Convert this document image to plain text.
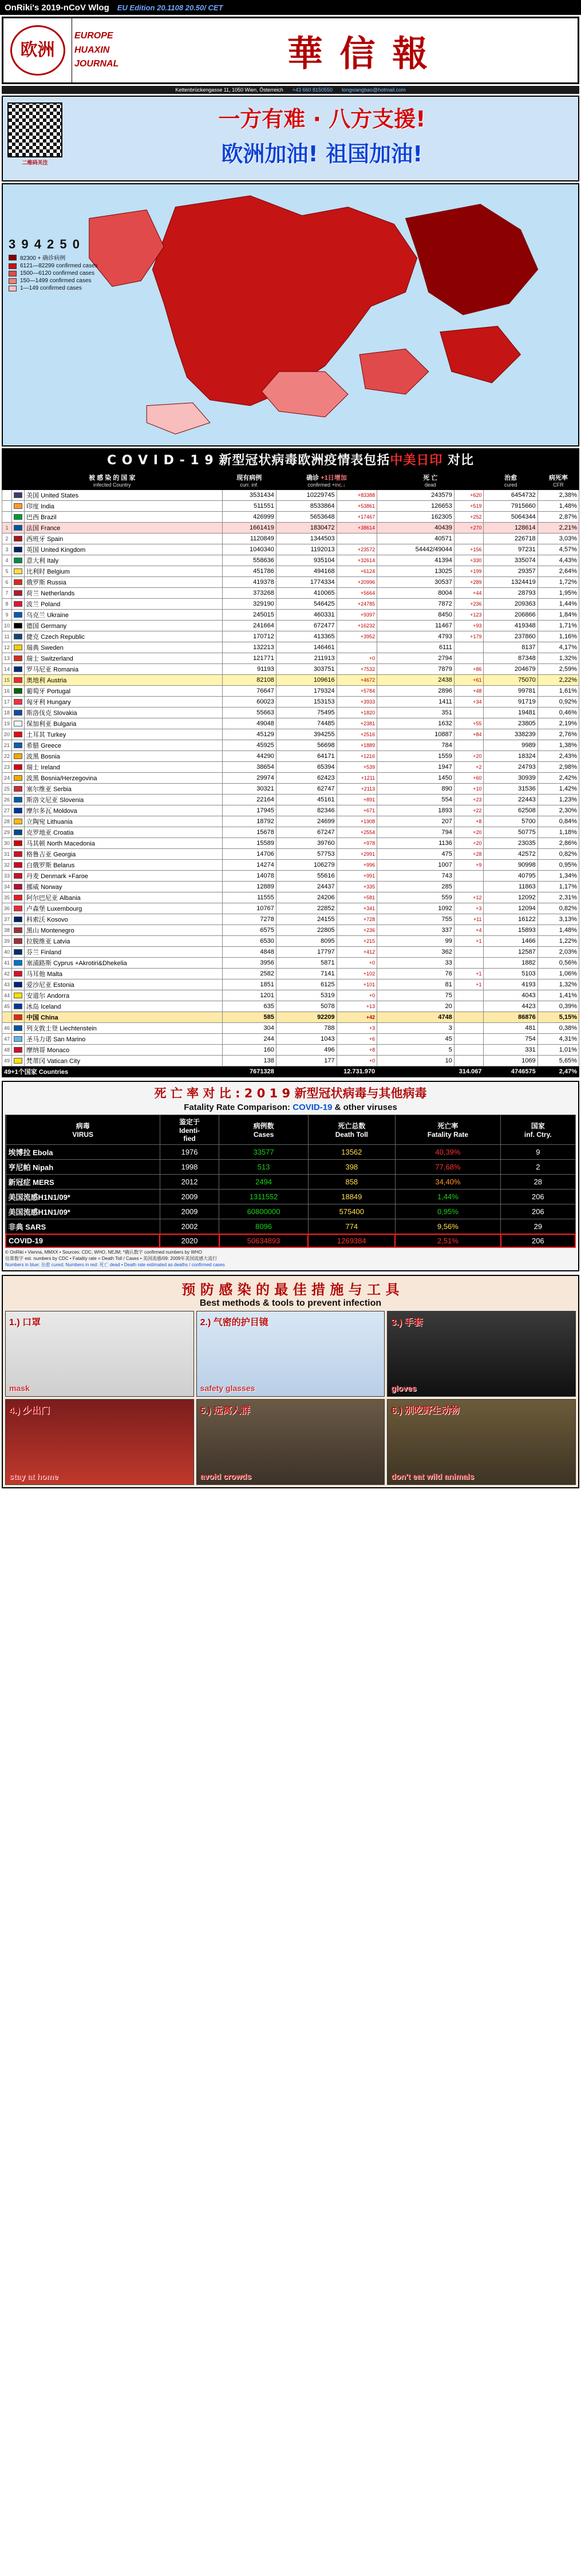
OnRiki's 2019-nCoV Wlog EU Edition 20.1108 20.50/ CET
欧洲
EUROPE
HUAXIN
JOURNAL	華 信 報
Kettenbrückengasse 11, 1050 Wien, Österreich +43 660 8150550 tongxiangbao@hotmail.com
二维码关注
一方有难 · 八方支援!
欧洲加油! 祖国加油!
3 9 4 2 5 0
82300 + 确诊病例
6121—82299 confirmed cases
1500—6120 confirmed cases
150—1499 confirmed cases
1—149 confirmed cases
C O V I D - 1 9 新型冠状病毒欧洲疫情表包括中美日印 对比
被 感 染 的 国 家
infected Country			现有病例
curr. inf.	确诊 +1日增加
confirmed +inc.↓		死 亡
dead		治愈
cured	病死率
CFR

		美国 United States	3531434	10229745	+83388	243579	+620	6454732	2,38%
		印度 India	511551	8533864	+53861	126653	+519	7915660	1,48%
		巴西 Brazil	426999	5653648	+17467	162305	+252	5064344	2,87%
1		法国 France	1661419	1830472	+38614	40439	+270	128614	2,21%
2		西班牙 Spain	1120849	1344503		40571		226718	3,03%
3		英国 United Kingdom	1040340	1192013	+23572	54442/49044	+156	97231	4,57%
4		意大利 Italy	558636	935104	+32614	41394	+330	335074	4,43%
5		比利时 Belgium	451786	494168	+6124	13025	+199	29357	2,64%
6		俄罗斯 Russia	419378	1774334	+20996	30537	+289	1324419	1,72%
7		荷兰 Netherlands	373268	410065	+5664	8004	+44	28793	1,95%
8		波兰 Poland	329190	546425	+24785	7872	+236	209363	1,44%
9		乌克兰 Ukraine	245015	460331	+9397	8450	+123	206866	1,84%
10		德国 Germany	241664	672477	+16232	11467	+93	419348	1,71%
11		捷克 Czech Republic	170712	413365	+3952	4793	+179	237860	1,16%
12		瑞典 Sweden	132213	146461		6111		8137	4,17%
13		瑞士 Switzerland	121771	211913	+0	2794		87348	1,32%
14		罗马尼亚 Romania	91193	303751	+7532	7879	+86	204679	2,59%
15		奥地利 Austria	82108	109616	+4672	2438	+61	75070	2,22%
16		葡萄牙 Portugal	76647	179324	+5784	2896	+48	99781	1,61%
17		匈牙利 Hungary	60023	153153	+3933	1411	+34	91719	0,92%
18		斯洛伐克 Slovakia	55663	75495	+1820	351		19481	0,46%
19		保加利亚 Bulgaria	49048	74485	+2381	1632	+55	23805	2,19%
20		土耳其 Turkey	45129	394255	+2516	10887	+84	338239	2,76%
21		希腊 Greece	45925	56698	+1889	784		9989	1,38%
22		波黑 Bosnia	44290	64171	+1216	1559	+20	18324	2,43%
23		瑞士 Ireland	38654	65394	+539	1947	+2	24793	2,98%
24		波黑 Bosnia/Herzegovina	29974	62423	+1211	1450	+60	30939	2,42%
25		塞尔维亚 Serbia	30321	62747	+2113	890	+10	31536	1,42%
26		斯洛文尼亚 Slovenia	22164	45161	+891	554	+23	22443	1,23%
27		摩尔多瓦 Moldova	17945	82346	+671	1893	+22	62508	2,30%
28		立陶宛 Lithuania	18792	24699	+1908	207	+8	5700	0,84%
29		克罗地亚 Croatia	15678	67247	+2554	794	+20	50775	1,18%
30		马其顿 North Macedonia	15589	39760	+978	1136	+20	23035	2,86%
31		格鲁吉亚 Georgia	14706	57753	+2991	475	+28	42572	0,82%
32		白俄罗斯 Belarus	14274	106279	+996	1007	+9	90998	0,95%
33		丹麦 Denmark +Faroe	14078	55616	+991	743		40795	1,34%
34		挪威 Norway	12889	24437	+335	285		11863	1,17%
35		阿尔巴尼亚 Albania	11555	24206	+581	559	+12	12092	2,31%
36		卢森堡 Luxembourg	10767	22852	+341	1092	+3	12094	0,82%
37		科索沃 Kosovo	7278	24155	+728	755	+11	16122	3,13%
38		黑山 Montenegro	6575	22805	+236	337	+4	15893	1,48%
39		拉脱维亚 Latvia	6530	8095	+215	99	+1	1466	1,22%
40		芬兰 Finland	4848	17797	+412	362		12587	2,03%
41		塞浦路斯 Cyprus +Akrotiri&Dhekelia	3956	5871	+0	33		1882	0,56%
42		马耳他 Malta	2582	7141	+102	76	+1	5103	1,06%
43		爱沙尼亚 Estonia	1851	6125	+101	81	+1	4193	1,32%
44		安道尔 Andorra	1201	5319	+0	75		4043	1,41%
45		冰岛 Iceland	635	5078	+13	20		4423	0,39%
		中国 China	585	92209	+42	4748		86876	5,15%
46		列支敦士登 Liechtenstein	304	788	+3	3		481	0,38%
47		圣马力诺 San Marino	244	1043	+6	45		754	4,31%
48		摩纳哥 Monaco	160	496	+8	5		331	1,01%
49		梵蒂冈 Vatican City	138	177	+0	10		1069	5,65%
49+1个国家 Countries			7671328	12.731.970		314.067		4746575	2,47%
死 亡 率 对 比 : 2 0 1 9 新型冠状病毒与其他病毒
Fatality Rate Comparison: COVID-19 & other viruses
病毒
VIRUS	鉴定于
Identi-
fied	病例数
Cases	死亡总数
Death Toll	死亡率
Fatality Rate	国家
inf. Ctry.
埃博拉 Ebola	1976	33577	13562	40,39%	9
亨尼帕 Nipah	1998	513	398	77,68%	2
新冠症 MERS	2012	2494	858	34,40%	28
美国流感H1N1/09*	2009	1311552	18849	1,44%	206
美国流感H1N1/09*	2009	60800000	575400	0,95%	206
非典 SARS	2002	8096	774	9,56%	29
COVID-19	2020	50634893	1269384	2,51%	206
© OnRiki • Vienna, MMXX • Sources: CDC, WHO, NEJM; *确认数字 confirmed numbers by WHO
估算数字 est. numbers by CDC • Fatality rate = Death Toll / Cases • 美国流感/09: 2009年美国流感大流行
Numbers in blue: 治愈 cured; Numbers in red: 死亡 dead • Death rate estimated as deaths / confirmed cases
预 防 感 染 的 最 佳 措 施 与 工 具
Best methods & tools to prevent infection
1.) 口罩
mask
2.) 气密的护目镜
safety glasses
3.) 手套
gloves
4.) 少出门
stay at home
5.) 远离人群
avoid crowds
6.) 别吃野生动物
don't eat wild animals
